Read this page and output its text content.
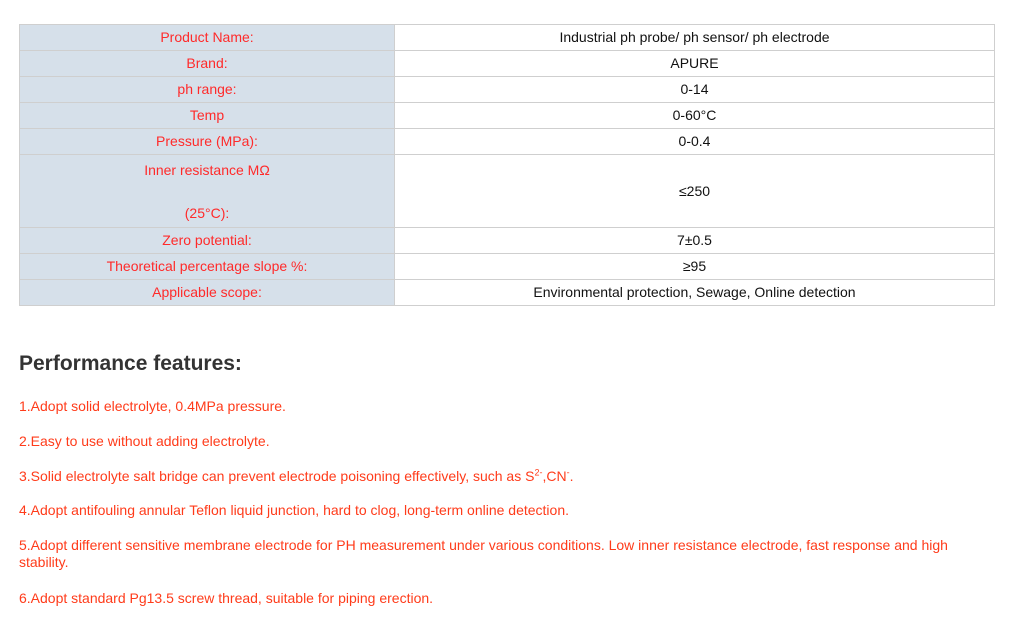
Product Name:	Industrial ph probe/ ph sensor/ ph electrode
Brand:	APURE
ph range:	0-14
Temp	0-60°C
Pressure (MPa):	0-0.4

Inner resistance MΩ
(25°C):	≤250
Zero potential:	7±0.5
Theoretical percentage slope %:	≥95
Applicable scope:	Environmental protection, Sewage, Online detection
Performance features:
1.Adopt solid electrolyte, 0.4MPa pressure.
2.Easy to use without adding electrolyte.
3.Solid electrolyte salt bridge can prevent electrode poisoning effectively, such as $S^{2-},CN^-$.
4.Adopt antifouling annular Teflon liquid junction, hard to clog, long-term online detection.
5.Adopt different sensitive membrane electrode for PH measurement under various conditions. Low inner resistance electrode, fast response and high stability.
6.Adopt standard Pg13.5 screw thread, suitable for piping erection.
